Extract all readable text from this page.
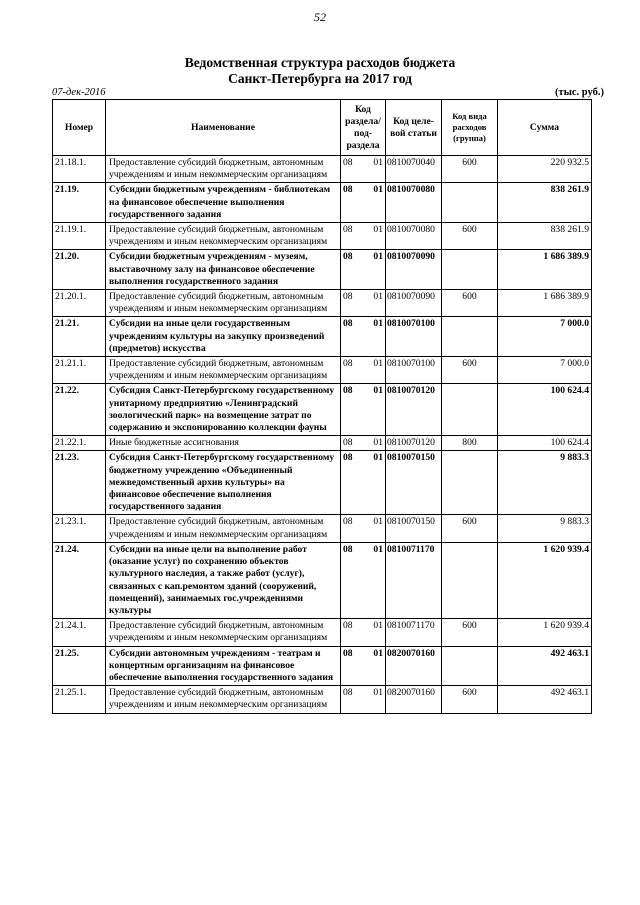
52
Ведомственная структура расходов бюджета
Санкт-Петербурга на 2017 год
07-дек-2016	(тыс. руб.)
Номер	Наименование	Код раздела/ под-раздела	Код целе-вой статьи	Код вида расходов (группа)	Сумма
21.18.1.	Предоставление субсидий бюджетным, автономным учреждениям и иным некоммерческим организациям	08 01	0810070040	600	220 932.5
21.19.	Субсидии бюджетным учреждениям - библиотекам на финансовое обеспечение выполнения государственного задания	08 01	0810070080		838 261.9
21.19.1.	Предоставление субсидий бюджетным, автономным учреждениям и иным некоммерческим организациям	08 01	0810070080	600	838 261.9
21.20.	Субсидии бюджетным учреждениям - музеям, выставочному залу на финансовое обеспечение выполнения государственного задания	08 01	0810070090		1 686 389.9
21.20.1.	Предоставление субсидий бюджетным, автономным учреждениям и иным некоммерческим организациям	08 01	0810070090	600	1 686 389.9
21.21.	Субсидии на иные цели государственным учреждениям культуры на закупку произведений (предметов) искусства	08 01	0810070100		7 000.0
21.21.1.	Предоставление субсидий бюджетным, автономным учреждениям и иным некоммерческим организациям	08 01	0810070100	600	7 000.0
21.22.	Субсидия Санкт-Петербургскому государственному унитарному предприятию «Ленинградский зоологический парк» на возмещение затрат по содержанию и экспонированию коллекции фауны	08 01	0810070120		100 624.4
21.22.1.	Иные бюджетные ассигнования	08 01	0810070120	800	100 624.4
21.23.	Субсидия Санкт-Петербургскому государственному бюджетному учреждению «Объединенный межведомственный архив культуры» на финансовое обеспечение выполнения государственного задания	08 01	0810070150		9 883.3
21.23.1.	Предоставление субсидий бюджетным, автономным учреждениям и иным некоммерческим организациям	08 01	0810070150	600	9 883.3
21.24.	Субсидии на иные цели на выполнение работ (оказание услуг) по сохранению объектов культурного наследия, а также работ (услуг), связанных с кап.ремонтом зданий (сооружений, помещений), занимаемых гос.учреждениями культуры	08 01	0810071170		1 620 939.4
21.24.1.	Предоставление субсидий бюджетным, автономным учреждениям и иным некоммерческим организациям	08 01	0810071170	600	1 620 939.4
21.25.	Субсидии автономным учреждениям - театрам и концертным организациям на финансовое обеспечение выполнения государственного задания	08 01	0820070160		492 463.1
21.25.1.	Предоставление субсидий бюджетным, автономным учреждениям и иным некоммерческим организациям	08 01	0820070160	600	492 463.1
